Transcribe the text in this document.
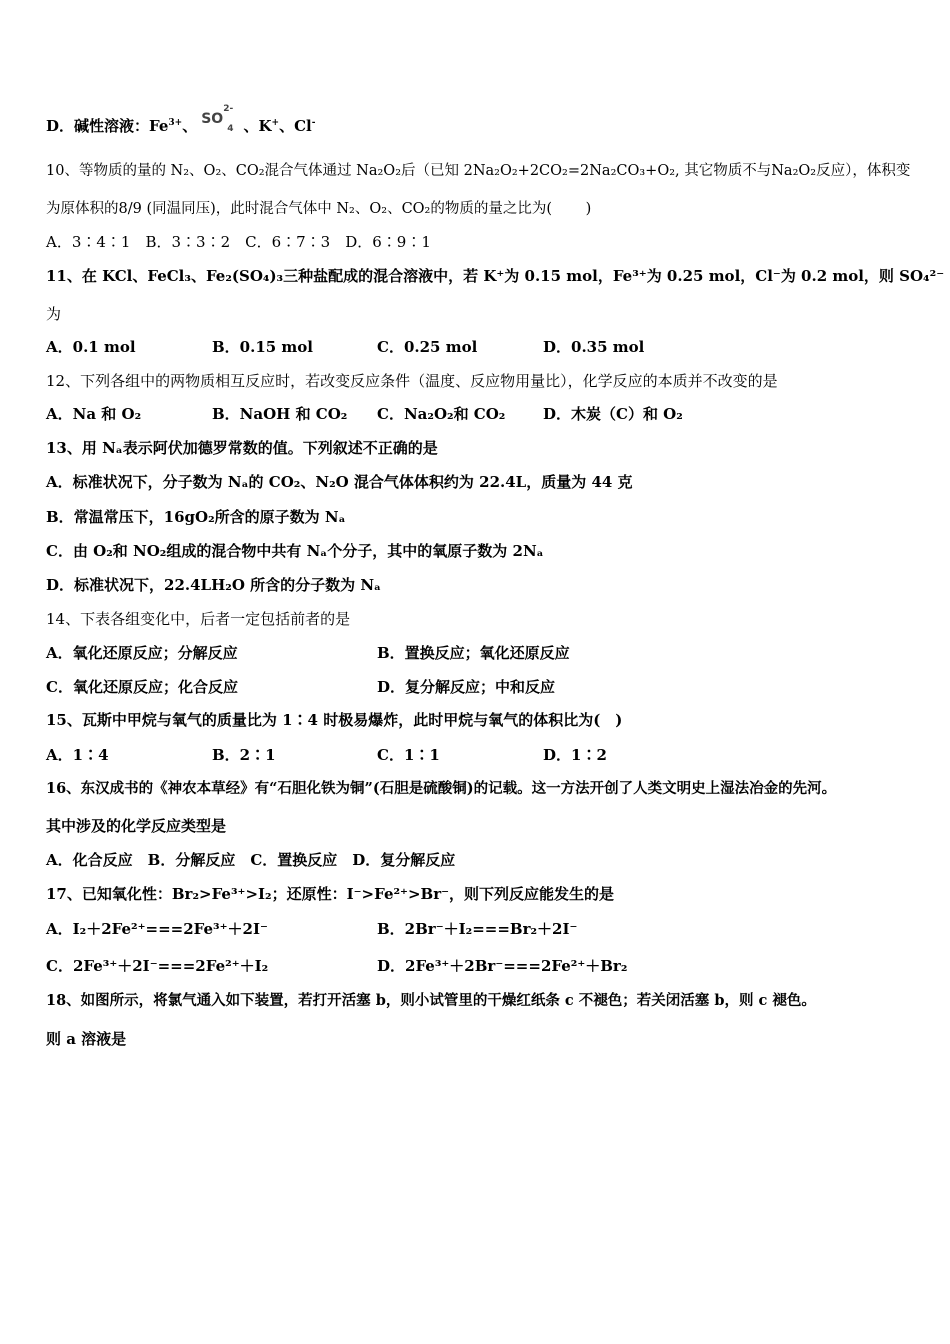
D．碱性溶液：$Fe^{3+}$、 $SO^{2-}_4$ 、K+、Cl-
10、等物质的量的 N₂、O₂、CO₂混合气体通过 Na₂O₂后（已知 2Na₂O₂+2CO₂=2Na₂CO₃+O₂, 其它物质不与Na₂O₂反应），体积变
为原体积的8/9 (同温同压)，此时混合气体中 N₂、O₂、CO₂的物质的量之比为(　　 )
A．3∶4∶1　B．3∶3∶2　C．6∶7∶3　D．6∶9∶1
11、在 KCl、FeCl₃、Fe₂(SO₄)₃三种盐配成的混合溶液中，若 K⁺为 0.15 mol，Fe³⁺为 0.25 mol，Cl⁻为 0.2 mol，则 SO₄²⁻
为
A．0.1 mol	B．0.15 mol	C．0.25 mol	D．0.35 mol
12、下列各组中的两物质相互反应时，若改变反应条件（温度、反应物用量比），化学反应的本质并不改变的是
A．Na 和 O₂	B．NaOH 和 CO₂ C．Na₂O₂和 CO₂	D．木炭（C）和 O₂
13、用 Nₐ表示阿伏加德罗常数的值。下列叙述不正确的是
A．标准状况下，分子数为 Nₐ的 CO₂、N₂O 混合气体体积约为 22.4L，质量为 44 克
B．常温常压下，16gO₂所含的原子数为 Nₐ
C．由 O₂和 NO₂组成的混合物中共有 Nₐ个分子，其中的氧原子数为 2Nₐ
D．标准状况下，22.4LH₂O 所含的分子数为 Nₐ
14、下表各组变化中，后者一定包括前者的是
A．氧化还原反应；分解反应	B．置换反应；氧化还原反应
C．氧化还原反应；化合反应	D．复分解反应；中和反应
15、瓦斯中甲烷与氧气的质量比为 1∶4 时极易爆炸，此时甲烷与氧气的体积比为(　)
A．1∶4	B．2∶1	C．1∶1	D．1∶2
16、东汉成书的《神农本草经》有“石胆化铁为铜”(石胆是硫酸铜)的记载。这一方法开创了人类文明史上湿法冶金的先河。
其中涉及的化学反应类型是
A．化合反应　B．分解反应　C．置换反应　D．复分解反应
17、已知氧化性：Br₂>Fe³⁺>I₂；还原性：I⁻>Fe²⁺>Br⁻，则下列反应能发生的是
A．I₂＋2Fe²⁺===2Fe³⁺＋2I⁻	B．2Br⁻＋I₂===Br₂＋2I⁻
C．2Fe³⁺＋2I⁻===2Fe²⁺＋I₂	D．2Fe³⁺＋2Br⁻===2Fe²⁺＋Br₂
18、如图所示，将氯气通入如下装置，若打开活塞 b，则小试管里的干燥红纸条 c 不褪色；若关闭活塞 b，则 c 褪色。
则 a 溶液是
